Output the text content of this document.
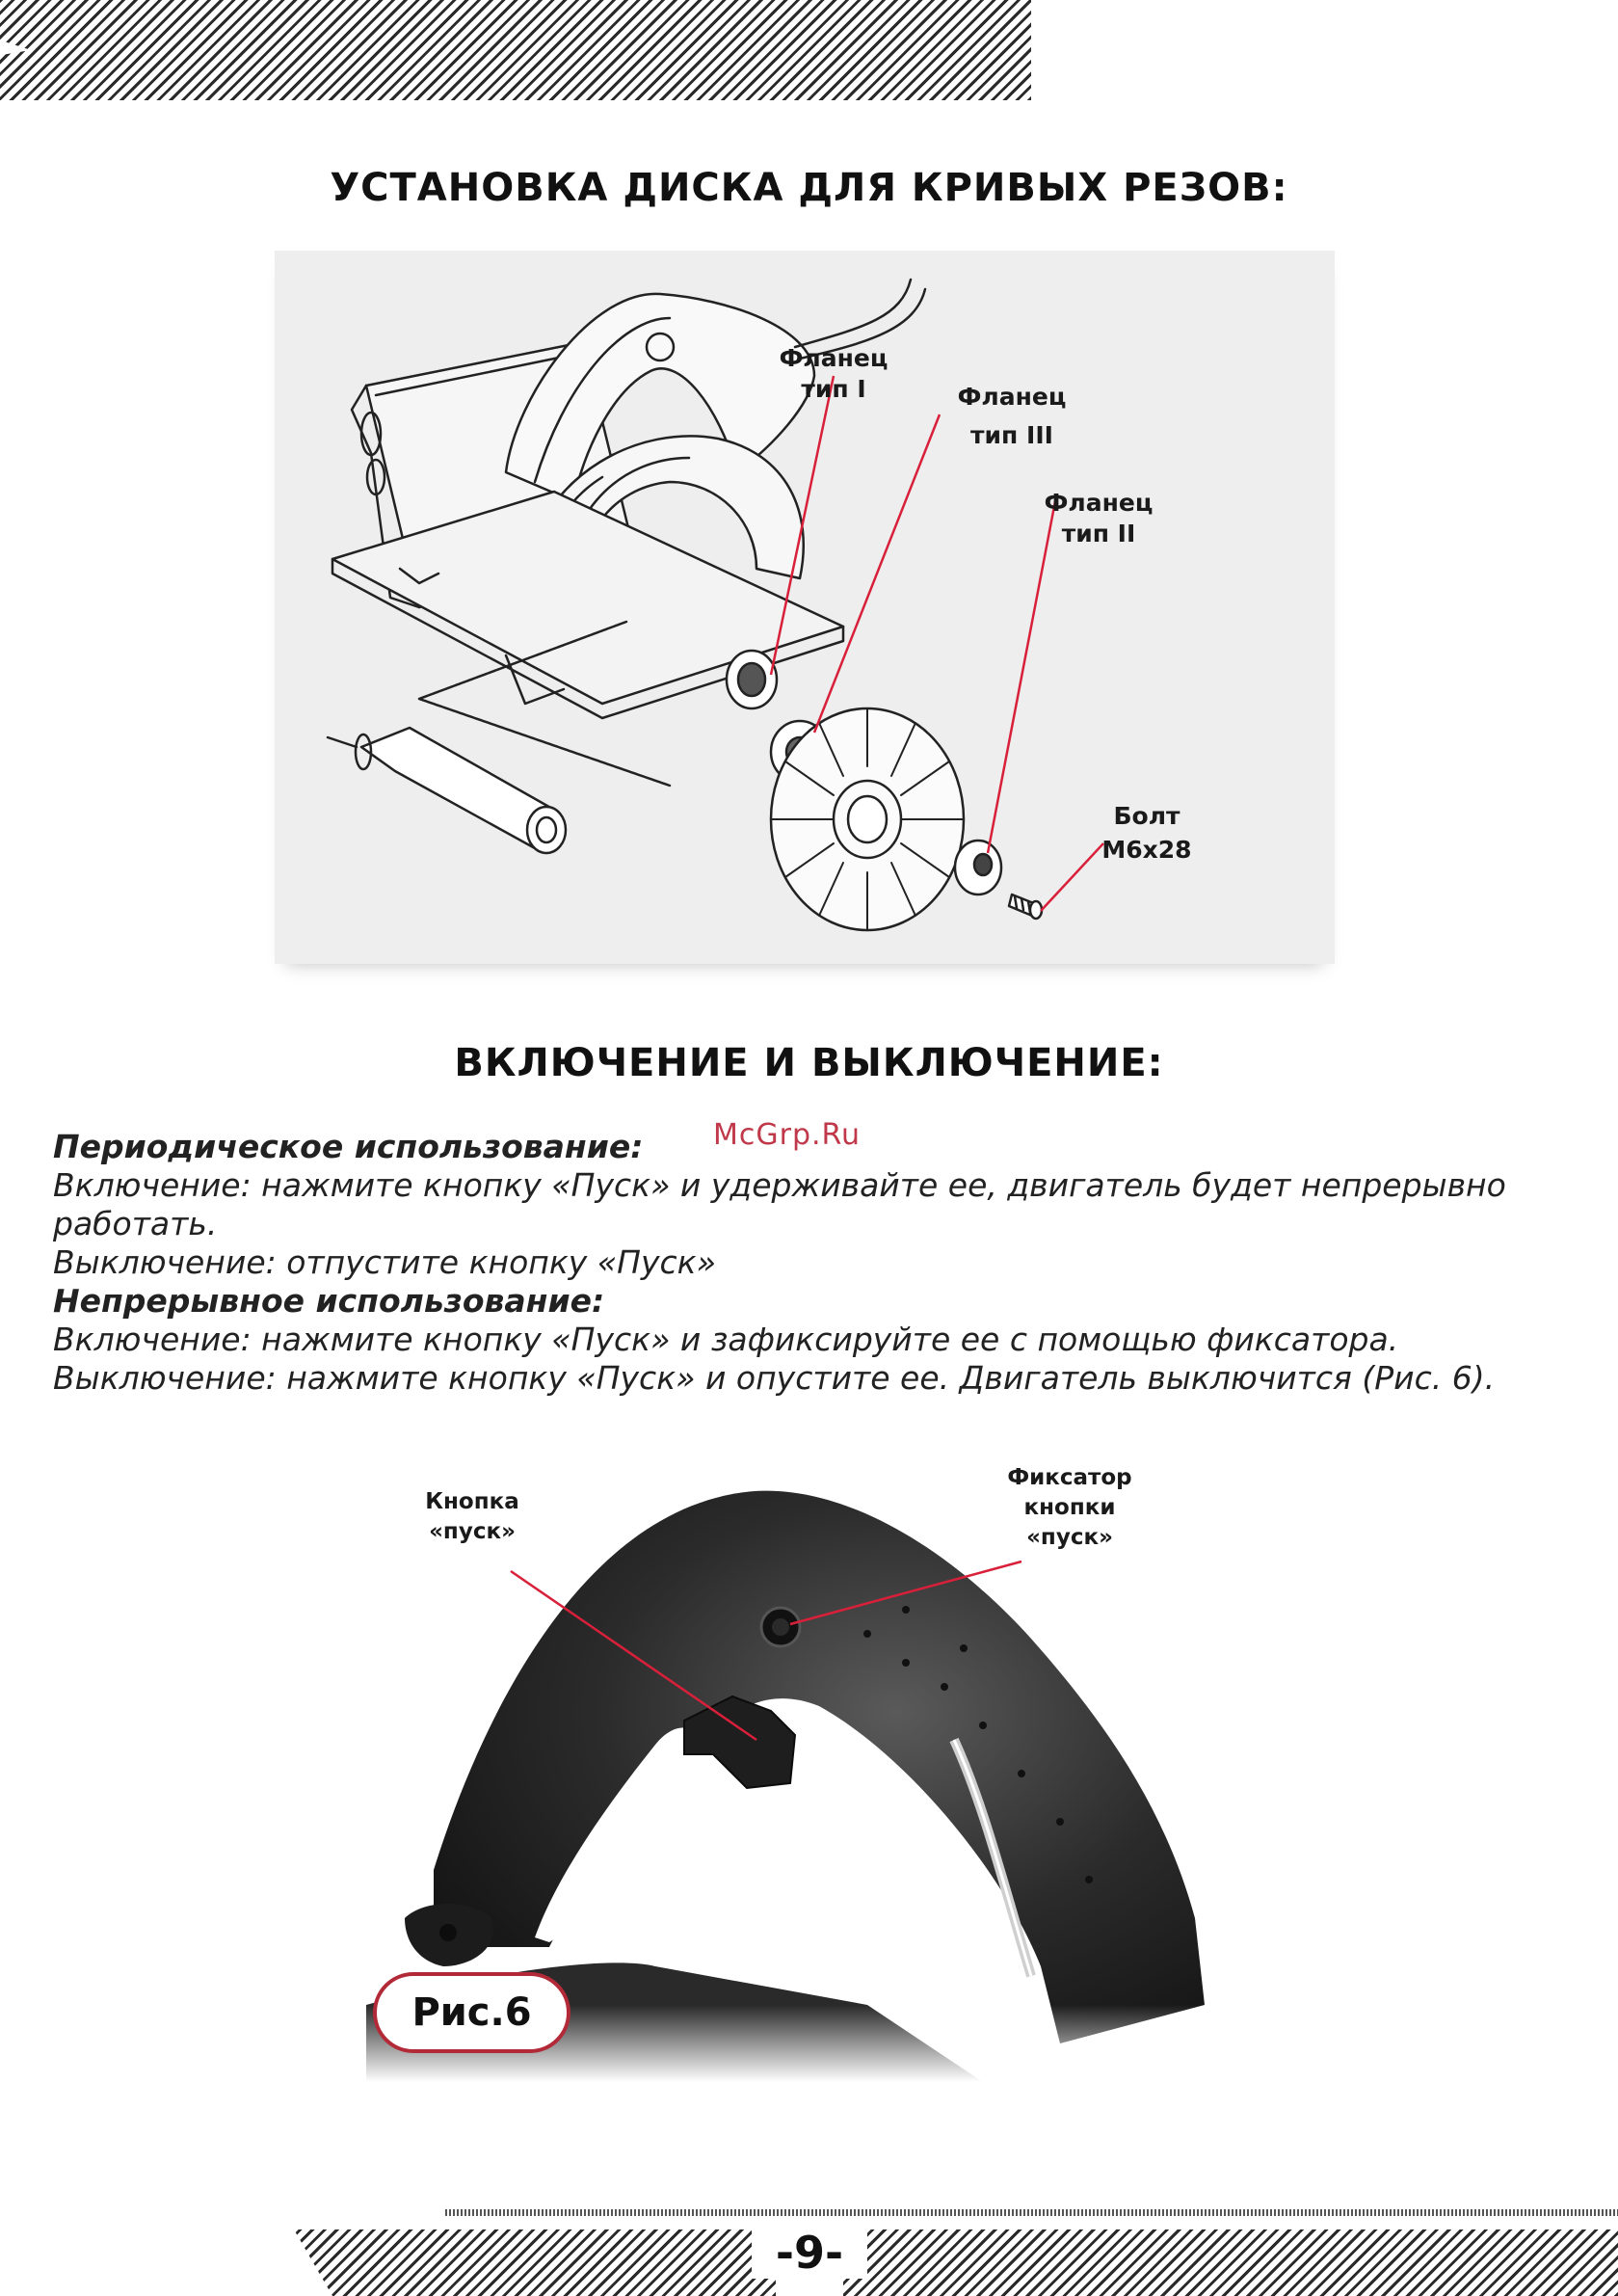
УСТАНОВКА ДИСКА ДЛЯ КРИВЫХ РЕЗОВ:
Фланец
тип I	Фланец
тип III
Фланец
тип II
Болт
М6х28
ВКЛЮЧЕНИЕ И ВЫКЛЮЧЕНИЕ:
McGrp.Ru

Периодическое использование:

Включение: нажмите кнопку «Пуск» и удерживайте ее, двигатель будет непрерывно работать.

Выключение: отпустите кнопку «Пуск»

Непрерывное использование:

Включение: нажмите кнопку «Пуск» и зафиксируйте ее с помощью фиксатора.

Выключение: нажмите кнопку «Пуск» и опустите ее. Двигатель выключится (Рис. 6).

Кнопка
«пуск»
Фиксатор
кнопки
«пуск»
Рис.6
-9-
